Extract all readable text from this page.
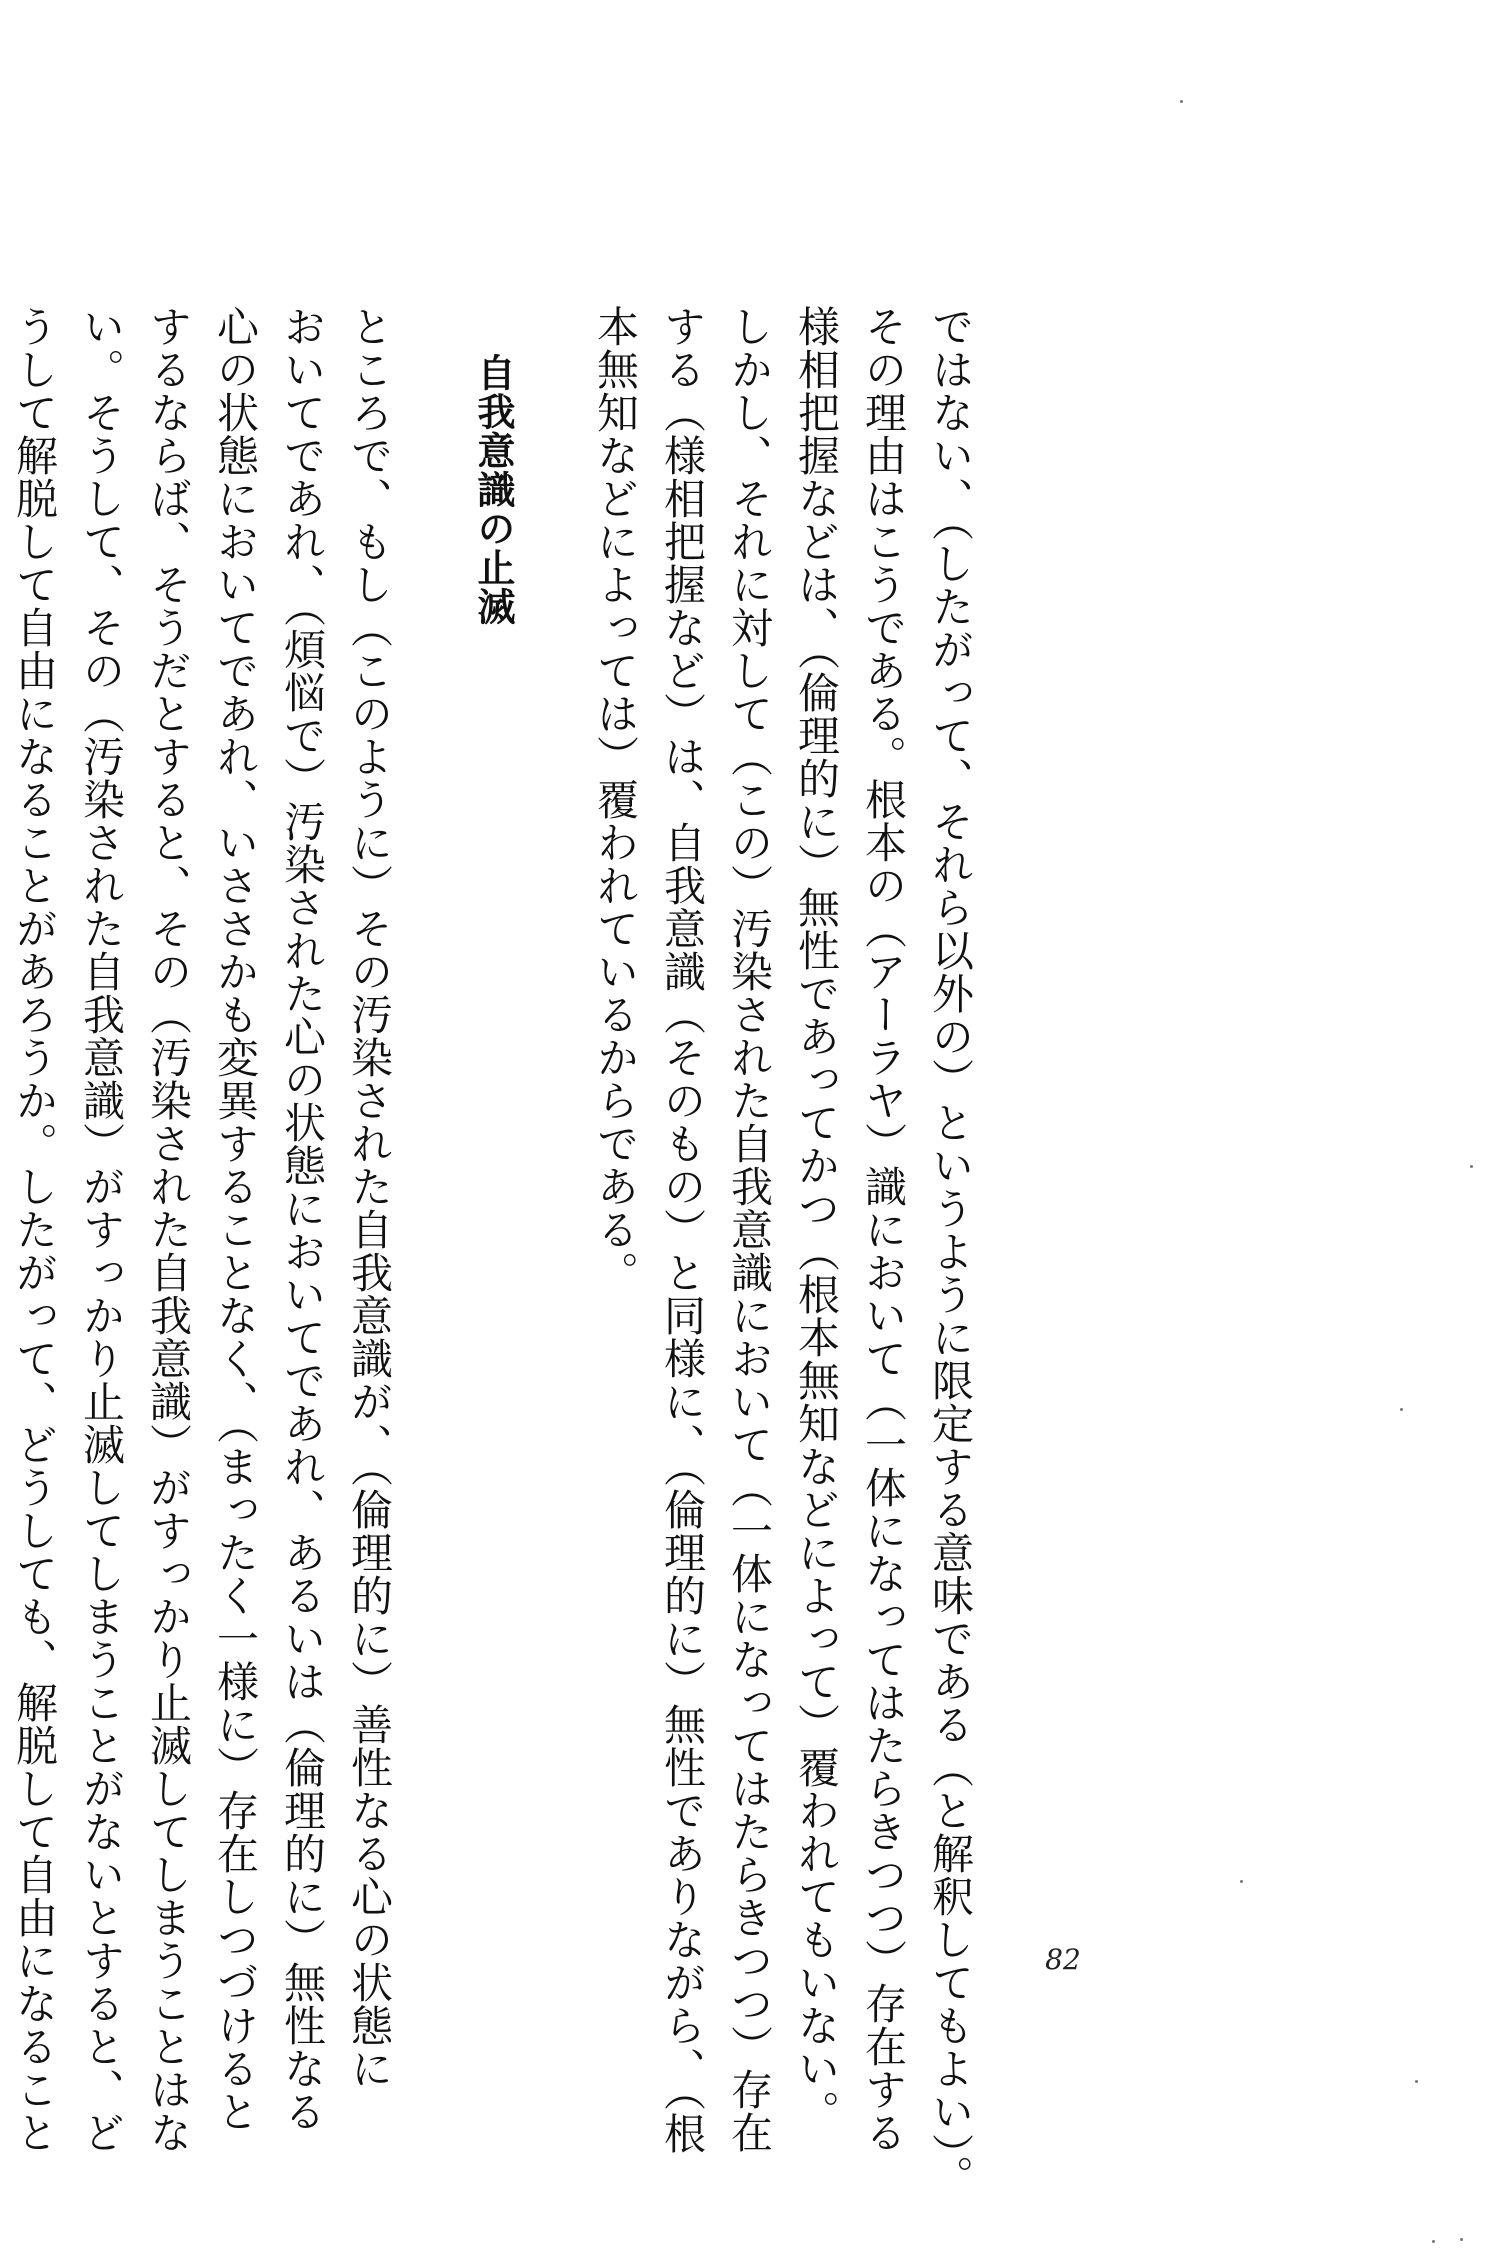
ではない、（したがって、それら以外の）というように限定する意味である（と解釈してもよい）。
その理由はこうである。根本の（アーラヤ）識において（一体になってはたらきつつ）存在する
様相把握などは、（倫理的に）無性であってかつ（根本無知などによって）覆われてもいない。
しかし、それに対して（この）汚染された自我意識において（一体になってはたらきつつ）存在
する（様相把握など）は、自我意識（そのもの）と同様に、（倫理的に）無性でありながら、（根
本無知などによっては）覆われているからである。
自我意識の止滅
ところで、もし（このように）その汚染された自我意識が、（倫理的に）善性なる心の状態に
おいてであれ、（煩悩で）汚染された心の状態においてであれ、あるいは（倫理的に）無性なる
心の状態においてであれ、いささかも変異することなく、（まったく一様に）存在しつづけると
するならば、そうだとすると、その（汚染された自我意識）がすっかり止滅してしまうことはな
い。そうして、その（汚染された自我意識）がすっかり止滅してしまうことがないとすると、ど
うして解脱して自由になることがあろうか。したがって、どうしても、解脱して自由になること	82
